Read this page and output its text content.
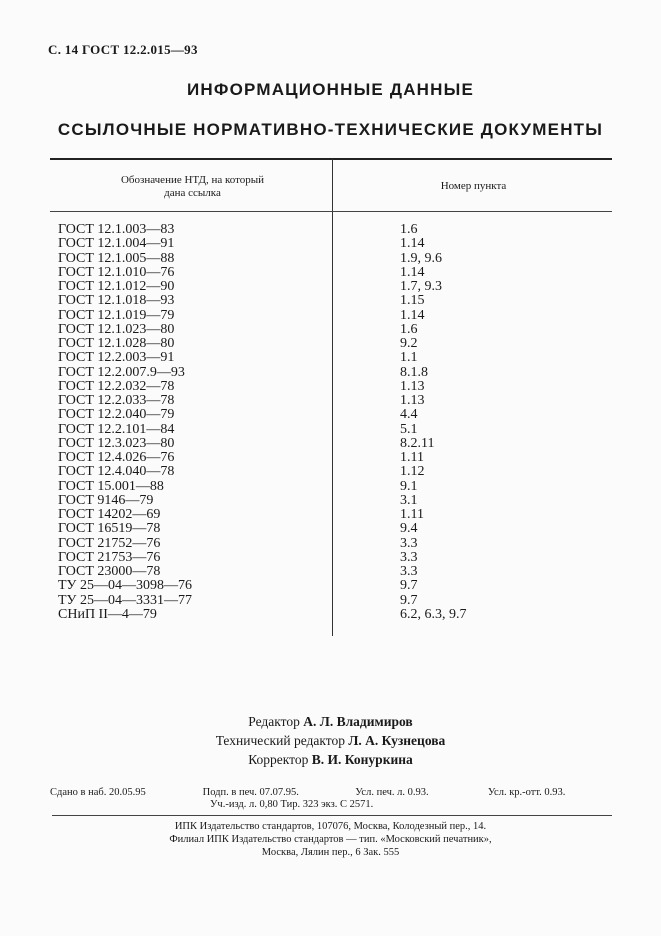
С. 14 ГОСТ 12.2.015—93
ИНФОРМАЦИОННЫЕ ДАННЫЕ
ССЫЛОЧНЫЕ НОРМАТИВНО-ТЕХНИЧЕСКИЕ ДОКУМЕНТЫ
Обозначение НТД, на который
дана ссылка
Номер пункта
ГОСТ 12.1.003—83	1.6
ГОСТ 12.1.004—91	1.14
ГОСТ 12.1.005—88	1.9, 9.6
ГОСТ 12.1.010—76	1.14
ГОСТ 12.1.012—90	1.7, 9.3
ГОСТ 12.1.018—93	1.15
ГОСТ 12.1.019—79	1.14
ГОСТ 12.1.023—80	1.6
ГОСТ 12.1.028—80	9.2
ГОСТ 12.2.003—91	1.1
ГОСТ 12.2.007.9—93	8.1.8
ГОСТ 12.2.032—78	1.13
ГОСТ 12.2.033—78	1.13
ГОСТ 12.2.040—79	4.4
ГОСТ 12.2.101—84	5.1
ГОСТ 12.3.023—80	8.2.11
ГОСТ 12.4.026—76	1.11
ГОСТ 12.4.040—78	1.12
ГОСТ 15.001—88	9.1
ГОСТ 9146—79	3.1
ГОСТ 14202—69	1.11
ГОСТ 16519—78	9.4
ГОСТ 21752—76	3.3
ГОСТ 21753—76	3.3
ГОСТ 23000—78	3.3
ТУ 25—04—3098—76	9.7
ТУ 25—04—3331—77	9.7
СНиП II—4—79	6.2, 6.3, 9.7
Редактор А. Л. Владимиров
Технический редактор Л. А. Кузнецова
Корректор В. И. Конуркина
Сдано в наб. 20.05.95	Подп. в печ. 07.07.95.	Усл. печ. л. 0.93.	Усл. кр.-отт. 0.93.
Уч.-изд. л. 0,80 Тир. 323 экз. С 2571.
ИПК Издательство стандартов, 107076, Москва, Колодезный пер., 14.
Филиал ИПК Издательство стандартов — тип. «Московский печатник»,
Москва, Лялин пер., 6 Зак. 555
